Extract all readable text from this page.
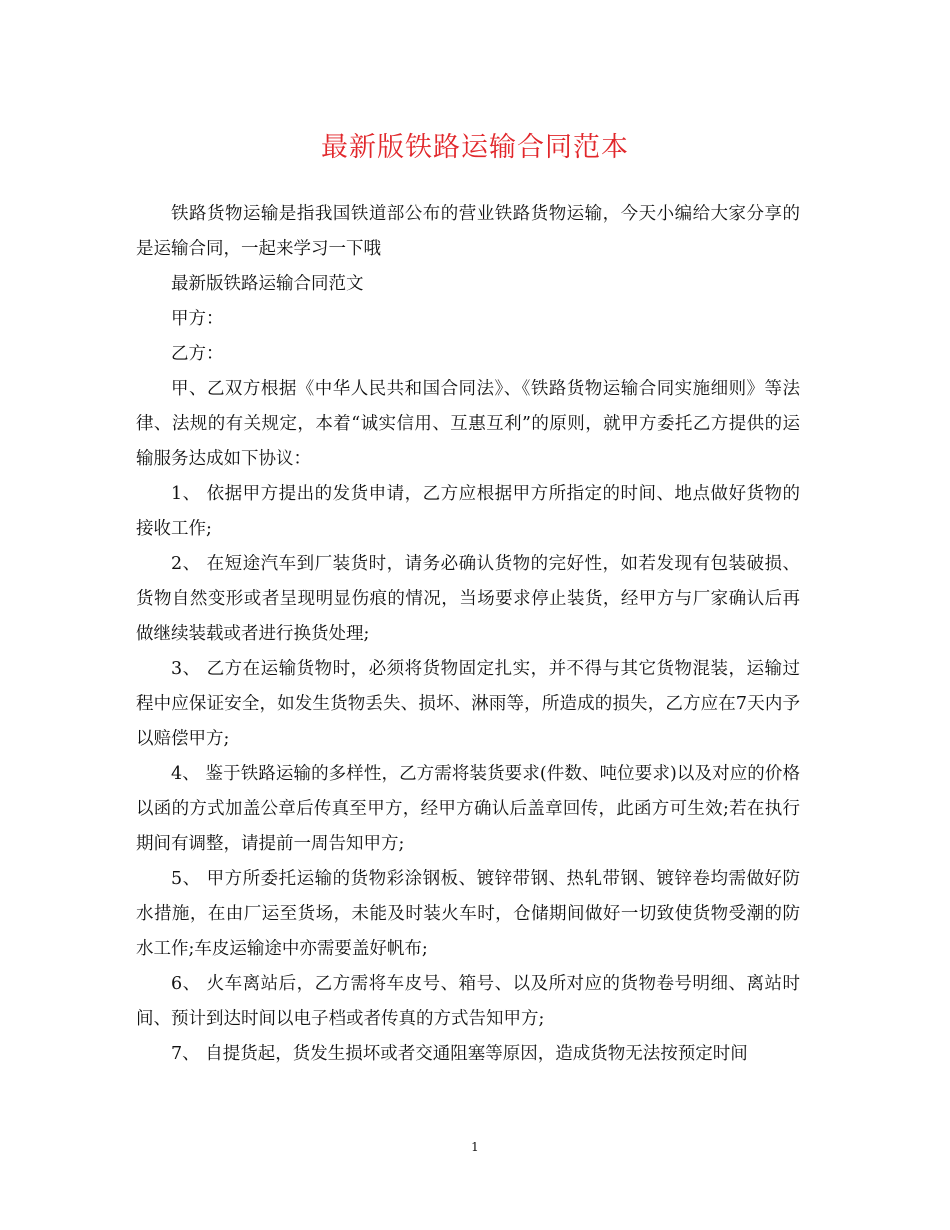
最新版铁路运输合同范本

铁路货物运输是指我国铁道部公布的营业铁路货物运输，今天小编给大家分享的是运输合同，一起来学习一下哦

最新版铁路运输合同范文

甲方：

乙方：

甲、乙双方根据《中华人民共和国合同法》、《铁路货物运输合同实施细则》等法律、法规的有关规定，本着“诚实信用、互惠互利”的原则，就甲方委托乙方提供的运输服务达成如下协议：

1、 依据甲方提出的发货申请，乙方应根据甲方所指定的时间、地点做好货物的接收工作;

2、 在短途汽车到厂装货时，请务必确认货物的完好性，如若发现有包装破损、货物自然变形或者呈现明显伤痕的情况，当场要求停止装货，经甲方与厂家确认后再做继续装载或者进行换货处理;

3、 乙方在运输货物时，必须将货物固定扎实，并不得与其它货物混装，运输过程中应保证安全，如发生货物丢失、损坏、淋雨等，所造成的损失，乙方应在7天内予以赔偿甲方;

4、 鉴于铁路运输的多样性，乙方需将装货要求(件数、吨位要求)以及对应的价格以函的方式加盖公章后传真至甲方，经甲方确认后盖章回传，此函方可生效;若在执行期间有调整，请提前一周告知甲方;

5、 甲方所委托运输的货物彩涂钢板、镀锌带钢、热轧带钢、镀锌卷均需做好防水措施，在由厂运至货场，未能及时装火车时，仓储期间做好一切致使货物受潮的防水工作;车皮运输途中亦需要盖好帆布;

6、 火车离站后，乙方需将车皮号、箱号、以及所对应的货物卷号明细、离站时间、预计到达时间以电子档或者传真的方式告知甲方;

7、 自提货起，货发生损坏或者交通阻塞等原因，造成货物无法按预定时间

1
